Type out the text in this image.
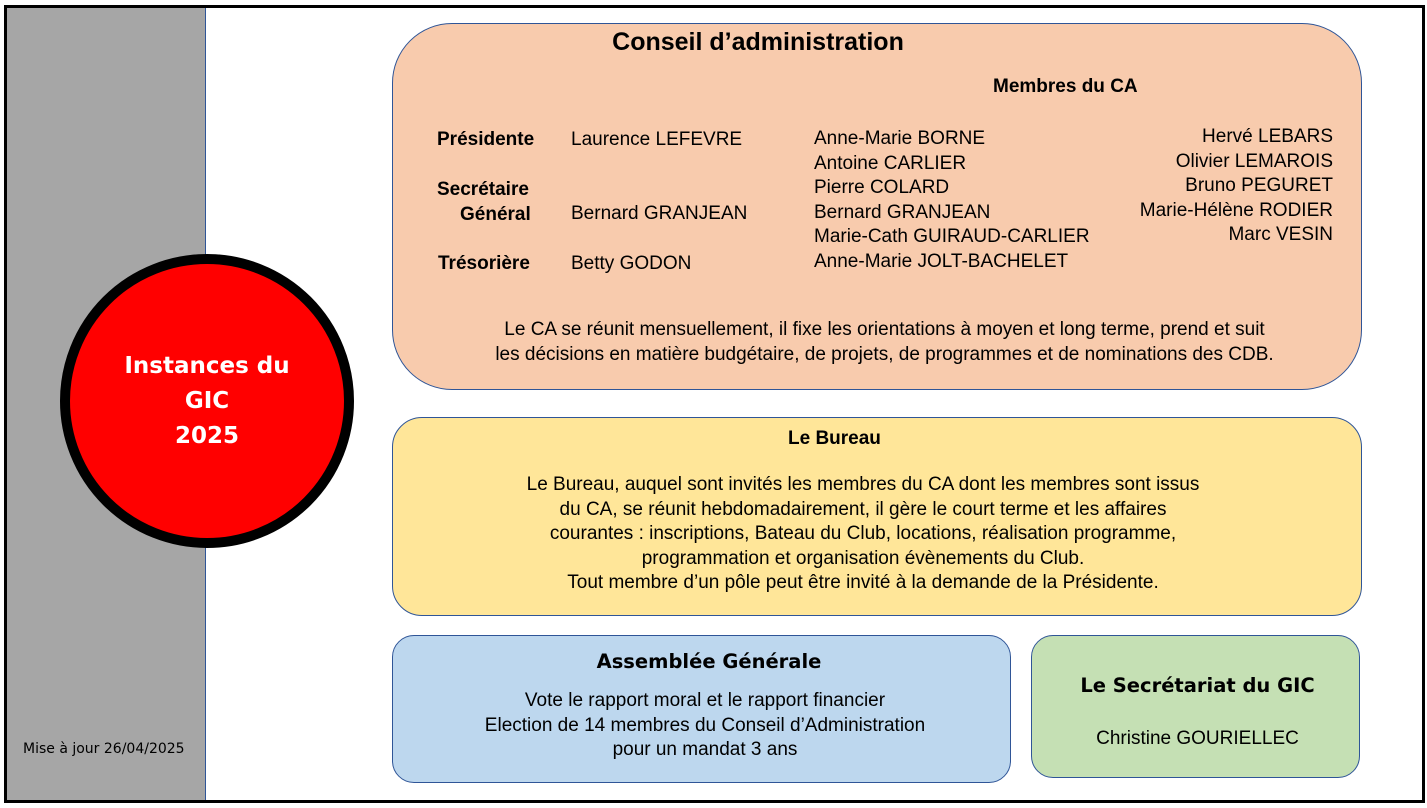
Instances du
GIC
2025
Mise à jour 26/04/2025
Conseil d’administration
Membres du CA
Présidente
Secrétaire
Général
Trésorière
Laurence LEFEVRE
Bernard GRANJEAN
Betty GODON
Anne-Marie BORNE
Antoine CARLIER
Pierre COLARD
Bernard GRANJEAN
Marie-Cath GUIRAUD-CARLIER
Anne-Marie JOLT-BACHELET
Hervé LEBARS
Olivier LEMAROIS
Bruno PEGURET
Marie-Hélène RODIER
Marc VESIN
Le CA se réunit mensuellement, il fixe les orientations à moyen et long terme, prend et suit
les décisions en matière budgétaire, de projets, de programmes et de nominations des CDB.
Le Bureau
Le Bureau, auquel sont invités les membres du CA dont les membres sont issus
du CA, se réunit hebdomadairement, il gère le court terme et les affaires
courantes : inscriptions, Bateau du Club, locations, réalisation programme,
programmation et organisation évènements du Club.
Tout membre d’un pôle peut être invité à la demande de la Présidente.
Assemblée Générale
Vote le rapport moral et le rapport financier
Election de 14 membres du Conseil d’Administration
pour un mandat 3 ans
Le Secrétariat du GIC
Christine GOURIELLEC
